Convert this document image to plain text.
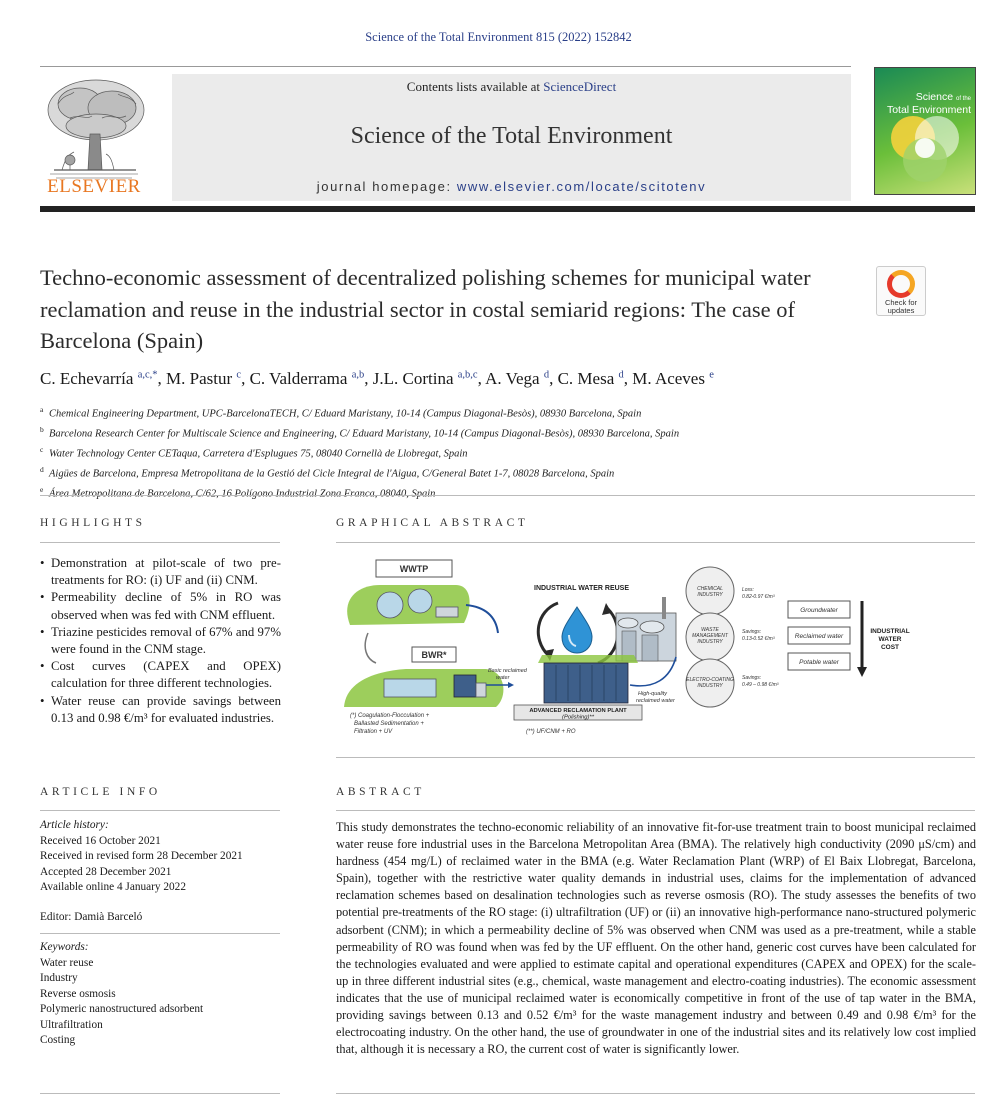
Science of the Total Environment 815 (2022) 152842
ELSEVIER
Contents lists available at ScienceDirect
Science of the Total Environment
journal homepage: www.elsevier.com/locate/scitotenv
Science of the
Total Environment
Techno-economic assessment of decentralized polishing schemes for municipal water reclamation and reuse in the industrial sector in costal semiarid regions: The case of Barcelona (Spain)
Check for
updates
C. Echevarría $^{a,c,*}$, M. Pastur $^c$, C. Valderrama $^{a,b}$, J.L. Cortina $^{a,b,c}$, A. Vega $^d$, C. Mesa $^d$, M. Aceves $^e$
$^a$ Chemical Engineering Department, UPC-BarcelonaTECH, C/ Eduard Maristany, 10-14 (Campus Diagonal-Besòs), 08930 Barcelona, Spain
$^b$ Barcelona Research Center for Multiscale Science and Engineering, C/ Eduard Maristany, 10-14 (Campus Diagonal-Besòs), 08930 Barcelona, Spain
$^c$ Water Technology Center CETaqua, Carretera d'Esplugues 75, 08040 Cornellà de Llobregat, Spain
$^d$ Aigües de Barcelona, Empresa Metropolitana de la Gestió del Cicle Integral de l'Aigua, C/General Batet 1-7, 08028 Barcelona, Spain
$^e$
HIGHLIGHTS
• Demonstration at pilot-scale of two pre-treatments for RO: (i) UF and (ii) CNM.
• Permeability decline of 5% in RO was observed when was fed with CNM effluent.
• Triazine pesticides removal of 67% and 97% were found in the CNM stage.
• Cost curves (CAPEX and OPEX) calculation for three different technologies.
• Water reuse can provide savings between 0.13 and 0.98 €/m³ for evaluated industries.
GRAPHICAL ABSTRACT
WWTP
BWR*
Basic reclaimed
water
(*) Coagulation-Flocculation +
Ballasted Sedimentation +
Filtration + UV
INDUSTRIAL WATER REUSE
ADVANCED RECLAMATION PLANT
(Polishing)**
(**) UF/CNM + RO
High-quality
reclaimed water
CHEMICAL
INDUSTRY
Loss:
0.82-0.97 €/m³
WASTE
MANAGEMENT
INDUSTRY
Savings:
0.13-0.52 €/m³
ELECTRO-COATING
INDUSTRY
Savings:
0.49 – 0.98 €/m³
Groundwater
Reclaimed water
Potable water
INDUSTRIAL
WATER
COST
ARTICLE INFO
Article history:
Received 16 October 2021
Received in revised form 28 December 2021
Accepted 28 December 2021
Available online 4 January 2022
Editor: Damià Barceló
Keywords:
Water reuse
Industry
Reverse osmosis
Polymeric nanostructured adsorbent
Ultrafiltration
Costing
ABSTRACT

This study demonstrates the techno-economic reliability of an innovative fit-for-use treatment train to boost municipal reclaimed water reuse fore industrial uses in the Barcelona Metropolitan Area (BMA). The relatively high conductivity (2090 μS/cm) and hardness (454 mg/L) of reclaimed water in the BMA (e.g. Water Reclamation Plant (WRP) of El Baix Llobregat, Barcelona, Spain), together with the restrictive water quality demands in industrial uses, claims for the implementation of advanced reclamation schemes based on desalination technologies such as reverse osmosis (RO). The study assesses the benefits of two potential pre-treatments of the RO stage: (i) ultrafiltration (UF) or (ii) an innovative high-performance nano-structured polymeric adsorbent (CNM); in which a permeability decline of 5% was observed when CNM was used as a pre-treatment, while a stable permeability of RO was found when was fed by the UF effluent. On the other hand, generic cost curves have been calculated for the technologies evaluated and were applied to estimate capital and operational expenditures (CAPEX and OPEX) for the scale-up in three different industrial sites (e.g., chemical, waste management and electro-coating industries). The economic assessment indicates that the use of municipal reclaimed water is economically competitive in front of the use of tap water in the BMA, providing savings between 0.13 and 0.52 €/m³ for the waste management industry and between 0.49 and 0.98 €/m³ for the electrocoating industry. On the other hand, the use of groundwater in one of the industrial sites and its relatively low cost implied that, although it is necessary a RO, the current cost of water is significantly lower.
